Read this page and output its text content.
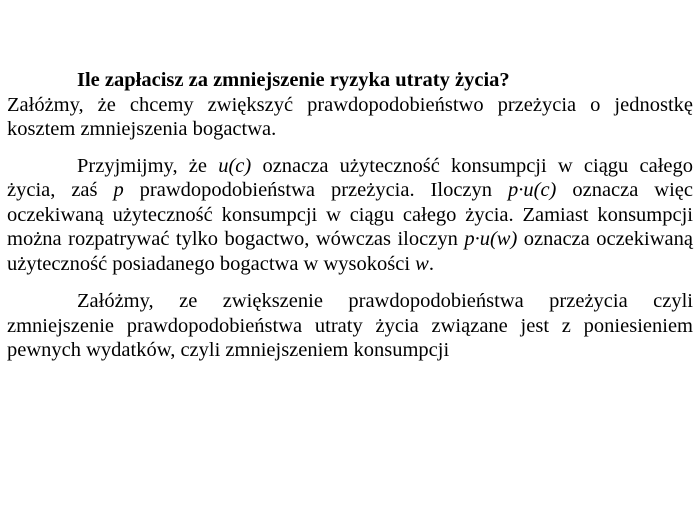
Ile zapłacisz za zmniejszenie ryzyka utraty życia?

Załóżmy, że chcemy zwiększyć prawdopodobieństwo przeżycia o jednostkę kosztem zmniejszenia bogactwa.

Przyjmijmy, że u(c) oznacza użyteczność konsumpcji w ciągu całego życia, zaś p prawdopodobieństwa przeżycia. Iloczyn p·u(c) oznacza więc oczekiwaną użyteczność konsumpcji w ciągu całego życia. Zamiast konsumpcji można rozpatrywać tylko bogactwo, wówczas iloczyn p·u(w) oznacza oczekiwaną użyteczność posiadanego bogactwa w wysokości w.

Załóżmy, ze zwiększenie prawdopodobieństwa przeżycia czyli zmniejszenie prawdopodobieństwa utraty życia związane jest z poniesieniem pewnych wydatków, czyli zmniejszeniem konsumpcji
